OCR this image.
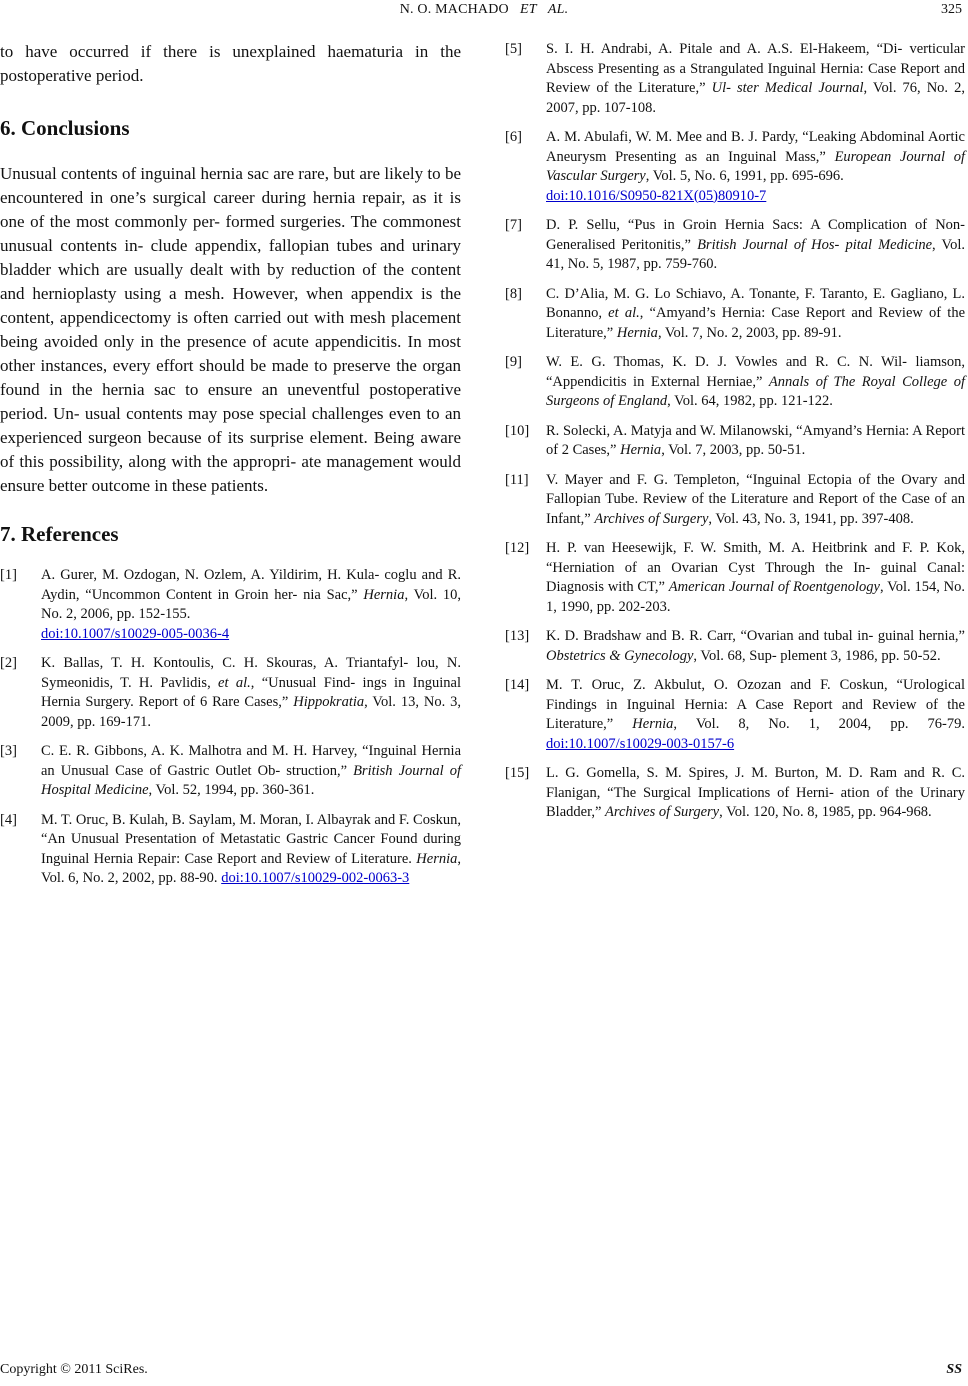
N. O. MACHADO ET AL.	325

to have occurred if there is unexplained haematuria in the postoperative period.

6. Conclusions

Unusual contents of inguinal hernia sac are rare, but are likely to be encountered in one’s surgical career during hernia repair, as it is one of the most commonly per- formed surgeries. The commonest unusual contents in- clude appendix, fallopian tubes and urinary bladder which are usually dealt with by reduction of the content and hernioplasty using a mesh. However, when appendix is the content, appendicectomy is often carried out with mesh placement being avoided only in the presence of acute appendicitis. In most other instances, every effort should be made to preserve the organ found in the hernia sac to ensure an uneventful postoperative period. Un- usual contents may pose special challenges even to an experienced surgeon because of its surprise element. Being aware of this possibility, along with the appropri- ate management would ensure better outcome in these patients.

7. References
[1] A. Gurer, M. Ozdogan, N. Ozlem, A. Yildirim, H. Kula- coglu and R. Aydin, “Uncommon Content in Groin her- nia Sac,” Hernia, Vol. 10, No. 2, 2006, pp. 152-155.
doi:10.1007/s10029-005-0036-4
[2] K. Ballas, T. H. Kontoulis, C. H. Skouras, A. Triantafyl- lou, N. Symeonidis, T. H. Pavlidis, et al., “Unusual Find- ings in Inguinal Hernia Surgery. Report of 6 Rare Cases,” Hippokratia, Vol. 13, No. 3, 2009, pp. 169-171.
[3] C. E. R. Gibbons, A. K. Malhotra and M. H. Harvey, “Inguinal Hernia an Unusual Case of Gastric Outlet Ob- struction,” British Journal of Hospital Medicine, Vol. 52, 1994, pp. 360-361.
[4] M. T. Oruc, B. Kulah, B. Saylam, M. Moran, I. Albayrak and F. Coskun, “An Unusual Presentation of Metastatic Gastric Cancer Found during Inguinal Hernia Repair: Case Report and Review of Literature. Hernia, Vol. 6, No. 2, 2002, pp. 88-90. doi:10.1007/s10029-002-0063-3
[5] S. I. H. Andrabi, A. Pitale and A. A.S. El-Hakeem, “Di- verticular Abscess Presenting as a Strangulated Inguinal Hernia: Case Report and Review of the Literature,” Ul- ster Medical Journal, Vol. 76, No. 2, 2007, pp. 107-108.
[6] A. M. Abulafi, W. M. Mee and B. J. Pardy, “Leaking Abdominal Aortic Aneurysm Presenting as an Inguinal Mass,” European Journal of Vascular Surgery, Vol. 5, No. 6, 1991, pp. 695-696.
doi:10.1016/S0950-821X(05)80910-7
[7] D. P. Sellu, “Pus in Groin Hernia Sacs: A Complication of Non-Generalised Peritonitis,” British Journal of Hos- pital Medicine, Vol. 41, No. 5, 1987, pp. 759-760.
[8] C. D’Alia, M. G. Lo Schiavo, A. Tonante, F. Taranto, E. Gagliano, L. Bonanno, et al., “Amyand’s Hernia: Case Report and Review of the Literature,” Hernia, Vol. 7, No. 2, 2003, pp. 89-91.
[9] W. E. G. Thomas, K. D. J. Vowles and R. C. N. Wil- liamson, “Appendicitis in External Herniae,” Annals of The Royal College of Surgeons of England, Vol. 64, 1982, pp. 121-122.
[10] R. Solecki, A. Matyja and W. Milanowski, “Amyand’s Hernia: A Report of 2 Cases,” Hernia, Vol. 7, 2003, pp. 50-51.
[11] V. Mayer and F. G. Templeton, “Inguinal Ectopia of the Ovary and Fallopian Tube. Review of the Literature and Report of the Case of an Infant,” Archives of Surgery, Vol. 43, No. 3, 1941, pp. 397-408.
[12] H. P. van Heesewijk, F. W. Smith, M. A. Heitbrink and F. P. Kok, “Herniation of an Ovarian Cyst Through the In- guinal Canal: Diagnosis with CT,” American Journal of Roentgenology, Vol. 154, No. 1, 1990, pp. 202-203.
[13] K. D. Bradshaw and B. R. Carr, “Ovarian and tubal in- guinal hernia,” Obstetrics & Gynecology, Vol. 68, Sup- plement 3, 1986, pp. 50-52.
[14] M. T. Oruc, Z. Akbulut, O. Ozozan and F. Coskun, “Urological Findings in Inguinal Hernia: A Case Report and Review of the Literature,” Hernia, Vol. 8, No. 1, 2004, pp. 76-79. doi:10.1007/s10029-003-0157-6
[15] L. G. Gomella, S. M. Spires, J. M. Burton, M. D. Ram and R. C. Flanigan, “The Surgical Implications of Herni- ation of the Urinary Bladder,” Archives of Surgery, Vol. 120, No. 8, 1985, pp. 964-968.
Copyright © 2011 SciRes.	SS
